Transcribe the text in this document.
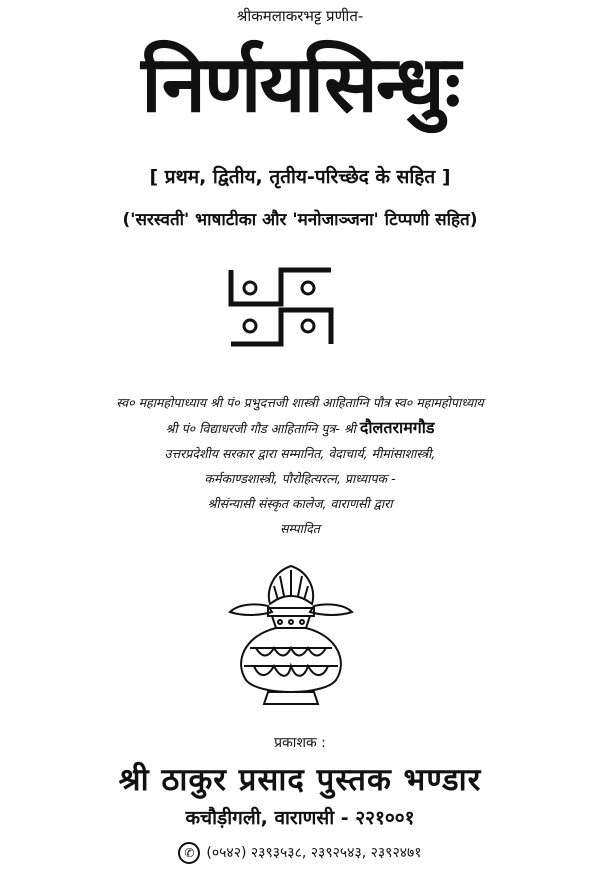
श्रीकमलाकरभट्ट प्रणीत-
निर्णयसिन्धुः
[ प्रथम, द्वितीय, तृतीय-परिच्छेद के सहित ]
('सरस्वती' भाषाटीका और 'मनोजाञ्जना' टिप्पणी सहित)
स्व० महामहोपाध्याय श्री पं० प्रभुदत्तजी शास्त्री आहिताग्नि पौत्र स्व० महामहोपाध्याय
श्री पं० विद्याधरजी गौड आहिताग्नि पुत्र- श्री दौलतरामगौड
उत्तरप्रदेशीय सरकार द्वारा सम्मानित, वेदाचार्य, मीमांसाशास्त्री,
कर्मकाण्डशास्त्री, पौरोहित्यरत्न, प्राध्यापक -
श्रीसंन्यासी संस्कृत कालेज, वाराणसी द्वारा
सम्पादित
प्रकाशक :
श्री ठाकुर प्रसाद पुस्तक भण्डार
कचौड़ीगली, वाराणसी - २२१००१
✆ (०५४२) २३९३५३८, २३९२५४३, २३९२४७१
